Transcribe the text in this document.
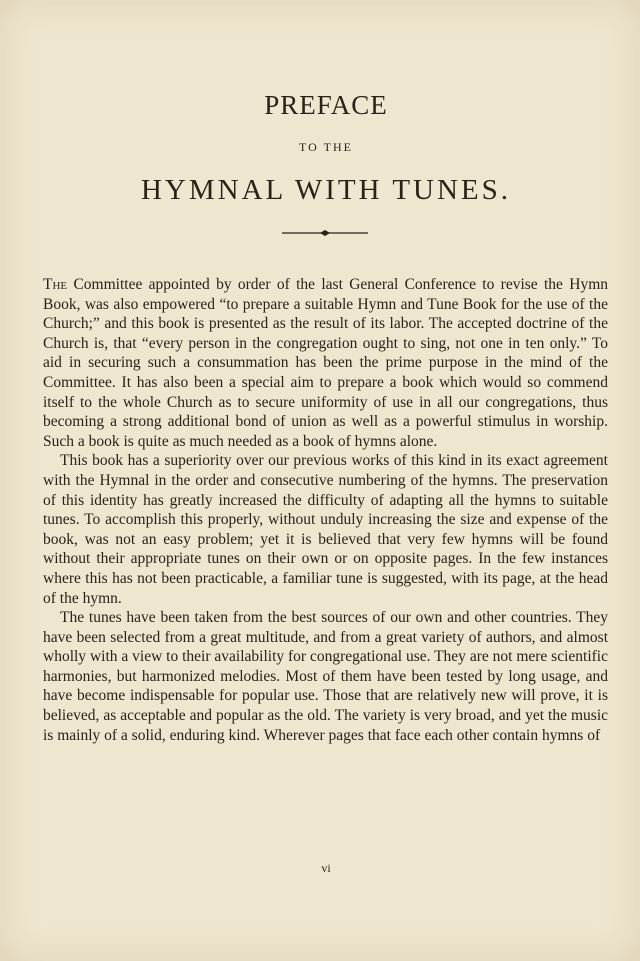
PREFACE
TO THE
HYMNAL WITH TUNES.

The Committee appointed by order of the last General Conference to revise the Hymn Book, was also empowered “to prepare a suitable Hymn and Tune Book for the use of the Church;” and this book is presented as the result of its labor. The accepted doctrine of the Church is, that “every person in the congregation ought to sing, not one in ten only.” To aid in securing such a consummation has been the prime purpose in the mind of the Committee. It has also been a special aim to prepare a book which would so commend itself to the whole Church as to secure uniformity of use in all our congregations, thus becoming a strong additional bond of union as well as a powerful stimulus in worship. Such a book is quite as much needed as a book of hymns alone.

This book has a superiority over our previous works of this kind in its exact agreement with the Hymnal in the order and consecutive numbering of the hymns. The preservation of this identity has greatly increased the difficulty of adapting all the hymns to suitable tunes. To accomplish this properly, without unduly increasing the size and expense of the book, was not an easy problem; yet it is believed that very few hymns will be found without their appropriate tunes on their own or on opposite pages. In the few instances where this has not been practicable, a familiar tune is suggested, with its page, at the head of the hymn.

The tunes have been taken from the best sources of our own and other countries. They have been selected from a great multitude, and from a great variety of authors, and almost wholly with a view to their availability for congregational use. They are not mere scientific harmonies, but harmonized melodies. Most of them have been tested by long usage, and have become indispensable for popular use. Those that are relatively new will prove, it is believed, as acceptable and popular as the old. The variety is very broad, and yet the music is mainly of a solid, enduring kind. Wherever pages that face each other contain hymns of

vi
